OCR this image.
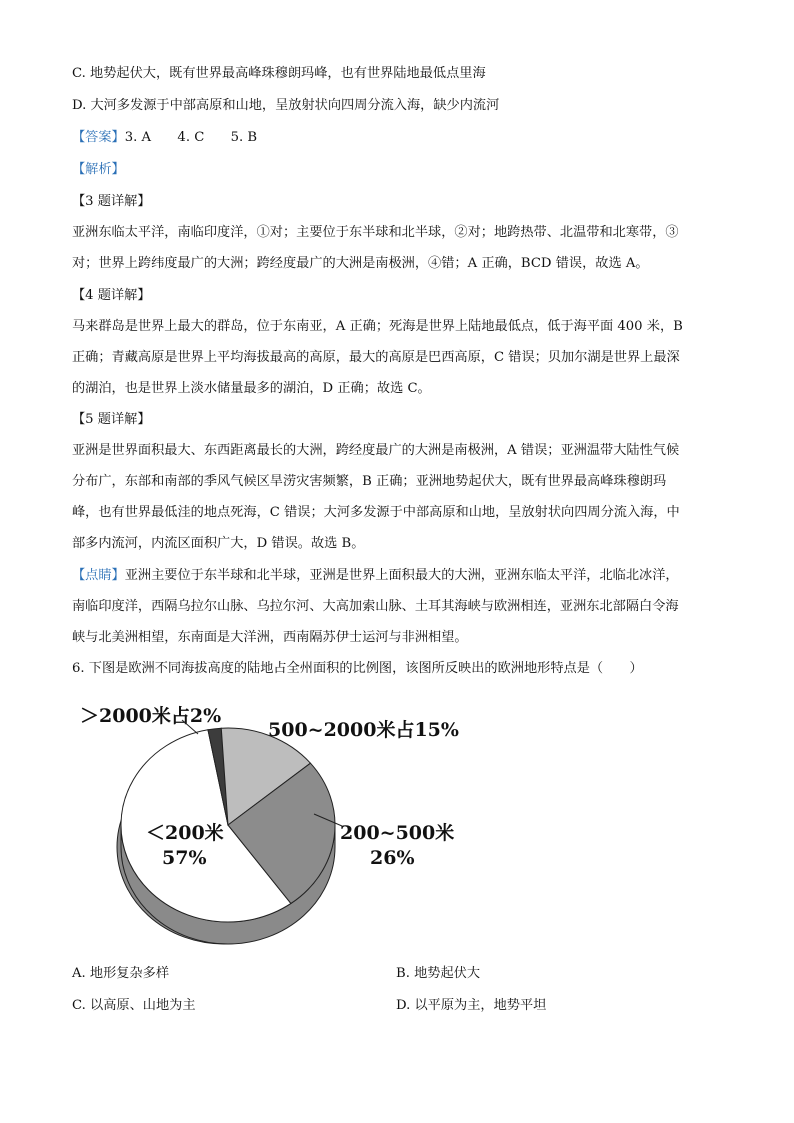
C. 地势起伏大，既有世界最高峰珠穆朗玛峰，也有世界陆地最低点里海
D. 大河多发源于中部高原和山地，呈放射状向四周分流入海，缺少内流河
【答案】3. A　　4. C　　5. B
【解析】
【3 题详解】
亚洲东临太平洋，南临印度洋，①对；主要位于东半球和北半球，②对；地跨热带、北温带和北寒带，③
对；世界上跨纬度最广的大洲；跨经度最广的大洲是南极洲，④错；A 正确，BCD 错误，故选 A。
【4 题详解】
马来群岛是世界上最大的群岛，位于东南亚，A 正确；死海是世界上陆地最低点，低于海平面 400 米，B
正确；青藏高原是世界上平均海拔最高的高原，最大的高原是巴西高原，C 错误；贝加尔湖是世界上最深
的湖泊，也是世界上淡水储量最多的湖泊，D 正确；故选 C。
【5 题详解】
亚洲是世界面积最大、东西距离最长的大洲，跨经度最广的大洲是南极洲，A 错误；亚洲温带大陆性气候
分布广，东部和南部的季风气候区旱涝灾害频繁，B 正确；亚洲地势起伏大，既有世界最高峰珠穆朗玛
峰，也有世界最低洼的地点死海，C 错误；大河多发源于中部高原和山地，呈放射状向四周分流入海，中
部多内流河，内流区面积广大，D 错误。故选 B。
【点睛】亚洲主要位于东半球和北半球，亚洲是世界上面积最大的大洲，亚洲东临太平洋，北临北冰洋，
南临印度洋，西隔乌拉尔山脉、乌拉尔河、大高加索山脉、土耳其海峡与欧洲相连，亚洲东北部隔白令海
峡与北美洲相望，东南面是大洋洲，西南隔苏伊士运河与非洲相望。
6. 下图是欧洲不同海拔高度的陆地占全州面积的比例图，该图所反映出的欧洲地形特点是（　　）
＞2000米占2%
500~2000米占15%
＜200米
57%
200~500米
26%
A. 地形复杂多样	B. 地势起伏大
C. 以高原、山地为主	D. 以平原为主，地势平坦
